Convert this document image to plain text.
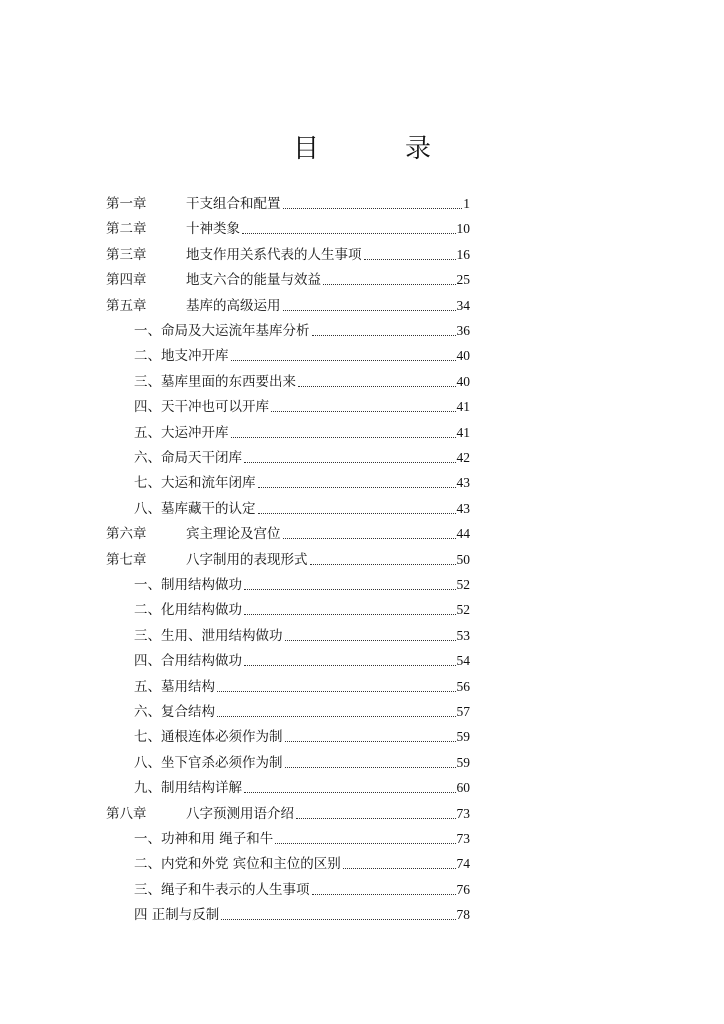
目　录
第一章	干支组合和配置	1
第二章	十神类象	10
第三章	地支作用关系代表的人生事项	16
第四章	地支六合的能量与效益	25
第五章	基库的高级运用	34
一、命局及大运流年基库分析	36
二、地支冲开库	40
三、墓库里面的东西要出来	40
四、天干冲也可以开库	41
五、大运冲开库	41
六、命局天干闭库	42
七、大运和流年闭库	43
八、墓库藏干的认定	43
第六章	宾主理论及宫位	44
第七章	八字制用的表现形式	50
一、制用结构做功	52
二、化用结构做功	52
三、生用、泄用结构做功	53
四、合用结构做功	54
五、墓用结构	56
六、复合结构	57
七、通根连体必须作为制	59
八、坐下官杀必须作为制	59
九、制用结构详解	60
第八章	八字预测用语介绍	73
一、功神和用 绳子和牛	73
二、内党和外党 宾位和主位的区别	74
三、绳子和牛表示的人生事项	76
四 正制与反制	78
